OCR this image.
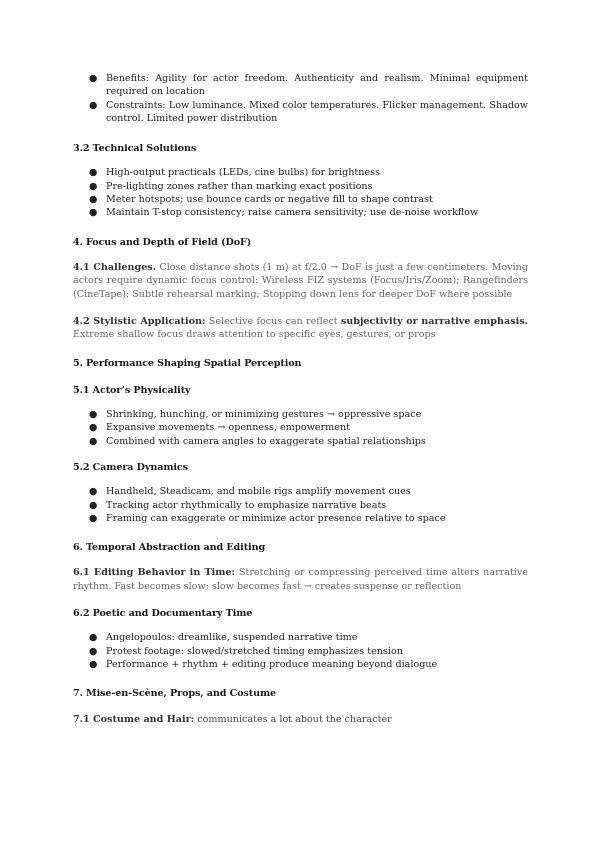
● Benefits: Agility for actor freedom. Authenticity and realism. Minimal equipment required on location
● Constraints: Low luminance. Mixed color temperatures. Flicker management. Shadow control. Limited power distribution
3.2 Technical Solutions
● High-output practicals (LEDs, cine bulbs) for brightness
● Pre-lighting zones rather than marking exact positions
● Meter hotspots; use bounce cards or negative fill to shape contrast
● Maintain T-stop consistency; raise camera sensitivity; use de-noise workflow
4. Focus and Depth of Field (DoF)
4.1 Challenges. Close distance shots (1 m) at f/2.0 → DoF is just a few centimeters. Moving actors require dynamic focus control: Wireless FIZ systems (Focus/Iris/Zoom); Rangefinders (CineTape); Subtle rehearsal marking; Stopping down lens for deeper DoF where possible
4.2 Stylistic Application: Selective focus can reflect subjectivity or narrative emphasis. Extreme shallow focus draws attention to specific eyes, gestures, or props
5. Performance Shaping Spatial Perception
5.1 Actor’s Physicality
● Shrinking, hunching, or minimizing gestures → oppressive space
● Expansive movements → openness, empowerment
● Combined with camera angles to exaggerate spatial relationships
5.2 Camera Dynamics
● Handheld, Steadicam, and mobile rigs amplify movement cues
● Tracking actor rhythmically to emphasize narrative beats
● Framing can exaggerate or minimize actor presence relative to space
6. Temporal Abstraction and Editing
6.1 Editing Behavior in Time: Stretching or compressing perceived time alters narrative rhythm. Fast becomes slow; slow becomes fast → creates suspense or reflection
6.2 Poetic and Documentary Time
● Angelopoulos: dreamlike, suspended narrative time
● Protest footage: slowed/stretched timing emphasizes tension
● Performance + rhythm + editing produce meaning beyond dialogue
7. Mise-en-Scène, Props, and Costume
7.1 Costume and Hair: communicates a lot about the character
